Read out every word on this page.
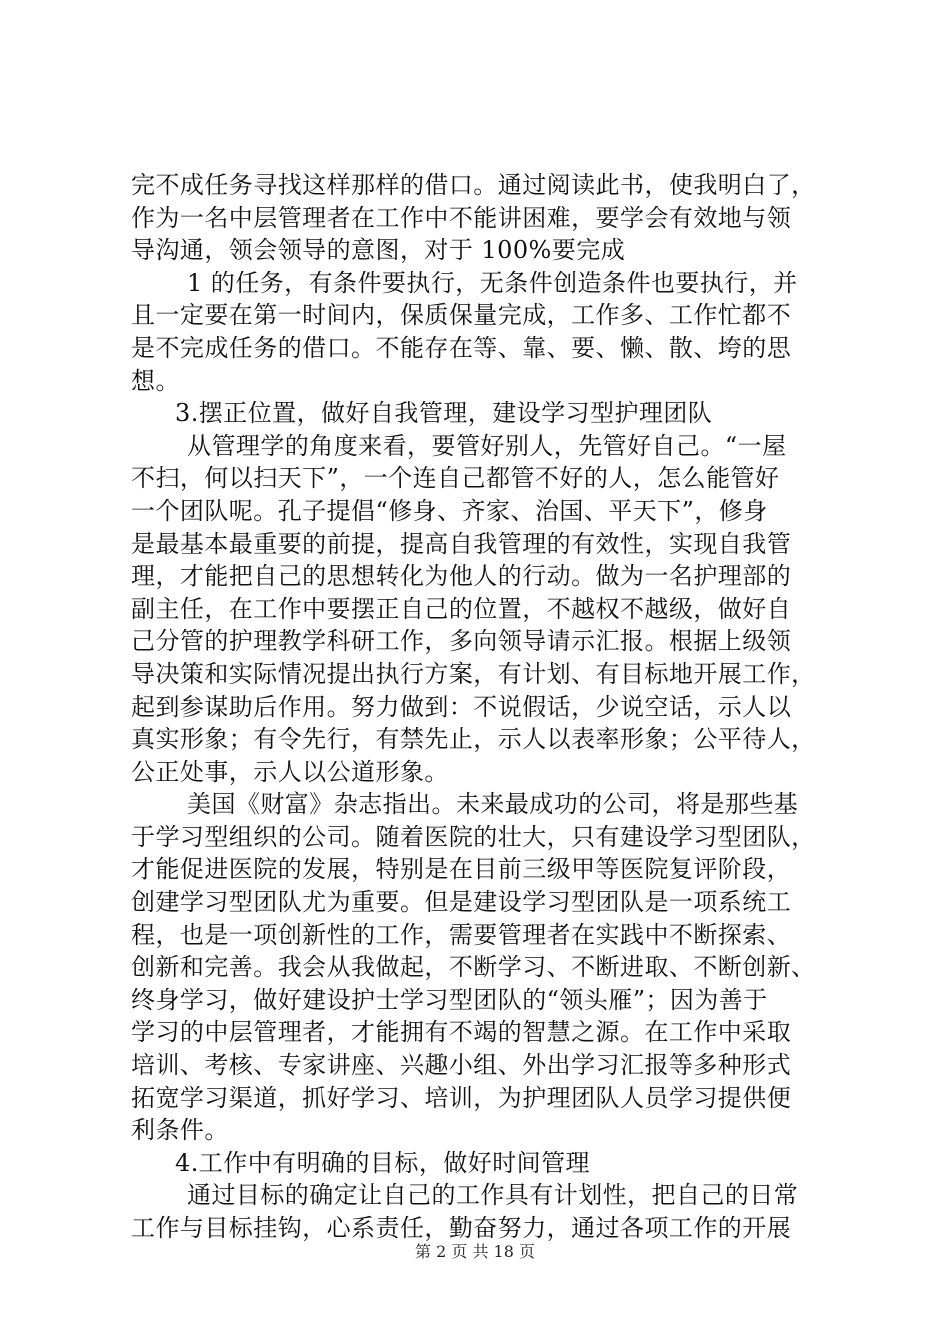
完不成任务寻找这样那样的借口。通过阅读此书，使我明白了，
作为一名中层管理者在工作中不能讲困难，要学会有效地与领
导沟通，领会领导的意图，对于 100%要完成
1 的任务，有条件要执行，无条件创造条件也要执行，并
且一定要在第一时间内，保质保量完成，工作多、工作忙都不
是不完成任务的借口。不能存在等、靠、要、懒、散、垮的思
想。
3.摆正位置，做好自我管理，建设学习型护理团队
从管理学的角度来看，要管好别人，先管好自己。“一屋
不扫，何以扫天下”，一个连自己都管不好的人，怎么能管好
一个团队呢。孔子提倡“修身、齐家、治国、平天下”，修身
是最基本最重要的前提，提高自我管理的有效性，实现自我管
理，才能把自己的思想转化为他人的行动。做为一名护理部的
副主任，在工作中要摆正自己的位置，不越权不越级，做好自
己分管的护理教学科研工作，多向领导请示汇报。根据上级领
导决策和实际情况提出执行方案，有计划、有目标地开展工作，
起到参谋助后作用。努力做到：不说假话，少说空话，示人以
真实形象；有令先行，有禁先止，示人以表率形象；公平待人，
公正处事，示人以公道形象。
美国《财富》杂志指出。未来最成功的公司，将是那些基
于学习型组织的公司。随着医院的壮大，只有建设学习型团队，
才能促进医院的发展，特别是在目前三级甲等医院复评阶段，
创建学习型团队尤为重要。但是建设学习型团队是一项系统工
程，也是一项创新性的工作，需要管理者在实践中不断探索、
创新和完善。我会从我做起，不断学习、不断进取、不断创新、
终身学习，做好建设护士学习型团队的“领头雁”；因为善于
学习的中层管理者，才能拥有不竭的智慧之源。在工作中采取
培训、考核、专家讲座、兴趣小组、外出学习汇报等多种形式
拓宽学习渠道，抓好学习、培训，为护理团队人员学习提供便
利条件。
4.工作中有明确的目标，做好时间管理
通过目标的确定让自己的工作具有计划性，把自己的日常
工作与目标挂钩，心系责任，勤奋努力，通过各项工作的开展
第 2 页 共 18 页
